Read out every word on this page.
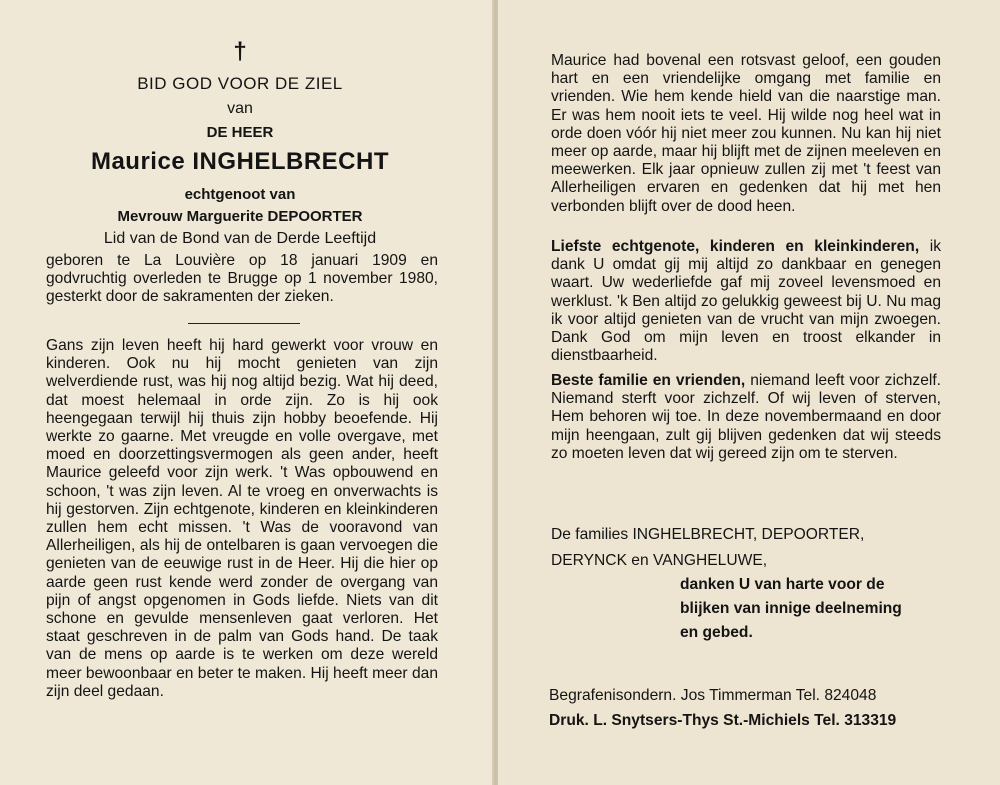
†
BID GOD VOOR DE ZIEL
van
DE HEER
Maurice INGHELBRECHT
echtgenoot van
Mevrouw Marguerite DEPOORTER
Lid van de Bond van de Derde Leeftijd

geboren te La Louvière op 18 januari 1909 en godvruchtig overleden te Brugge op 1 november 1980, gesterkt door de sakramenten der zieken.

Gans zijn leven heeft hij hard gewerkt voor vrouw en kinderen. Ook nu hij mocht genieten van zijn welverdiende rust, was hij nog altijd bezig. Wat hij deed, dat moest helemaal in orde zijn. Zo is hij ook heengegaan terwijl hij thuis zijn hobby beoefende. Hij werkte zo gaarne. Met vreugde en volle overgave, met moed en doorzettingsvermogen als geen ander, heeft Maurice geleefd voor zijn werk. 't Was opbouwend en schoon, 't was zijn leven. Al te vroeg en onverwachts is hij gestorven. Zijn echtgenote, kinderen en kleinkinderen zullen hem echt missen. 't Was de vooravond van Allerheiligen, als hij de ontelbaren is gaan vervoegen die genieten van de eeuwige rust in de Heer. Hij die hier op aarde geen rust kende werd zonder de overgang van pijn of angst opgenomen in Gods liefde. Niets van dit schone en gevulde mensenleven gaat verloren. Het staat geschreven in de palm van Gods hand. De taak van de mens op aarde is te werken om deze wereld meer bewoonbaar en beter te maken. Hij heeft meer dan zijn deel gedaan.

Maurice had bovenal een rotsvast geloof, een gouden hart en een vriendelijke omgang met familie en vrienden. Wie hem kende hield van die naarstige man. Er was hem nooit iets te veel. Hij wilde nog heel wat in orde doen vóór hij niet meer zou kunnen. Nu kan hij niet meer op aarde, maar hij blijft met de zijnen meeleven en meewerken. Elk jaar opnieuw zullen zij met 't feest van Allerheiligen ervaren en gedenken dat hij met hen verbonden blijft over de dood heen.

Liefste echtgenote, kinderen en kleinkinderen, ik dank U omdat gij mij altijd zo dankbaar en genegen waart. Uw wederliefde gaf mij zoveel levensmoed en werklust. 'k Ben altijd zo gelukkig geweest bij U. Nu mag ik voor altijd genieten van de vrucht van mijn zwoegen. Dank God om mijn leven en troost elkander in dienstbaarheid.

Beste familie en vrienden, niemand leeft voor zichzelf. Niemand sterft voor zichzelf. Of wij leven of sterven, Hem behoren wij toe. In deze novembermaand en door mijn heengaan, zult gij blijven gedenken dat wij steeds zo moeten leven dat wij gereed zijn om te sterven.

De families INGHELBRECHT, DEPOORTER,
DERYNCK en VANGHELUWE,
danken U van harte voor de
blijken van innige deelneming
en gebed.
Begrafenisondern. Jos Timmerman Tel. 824048
Druk. L. Snytsers-Thys St.-Michiels Tel. 313319
